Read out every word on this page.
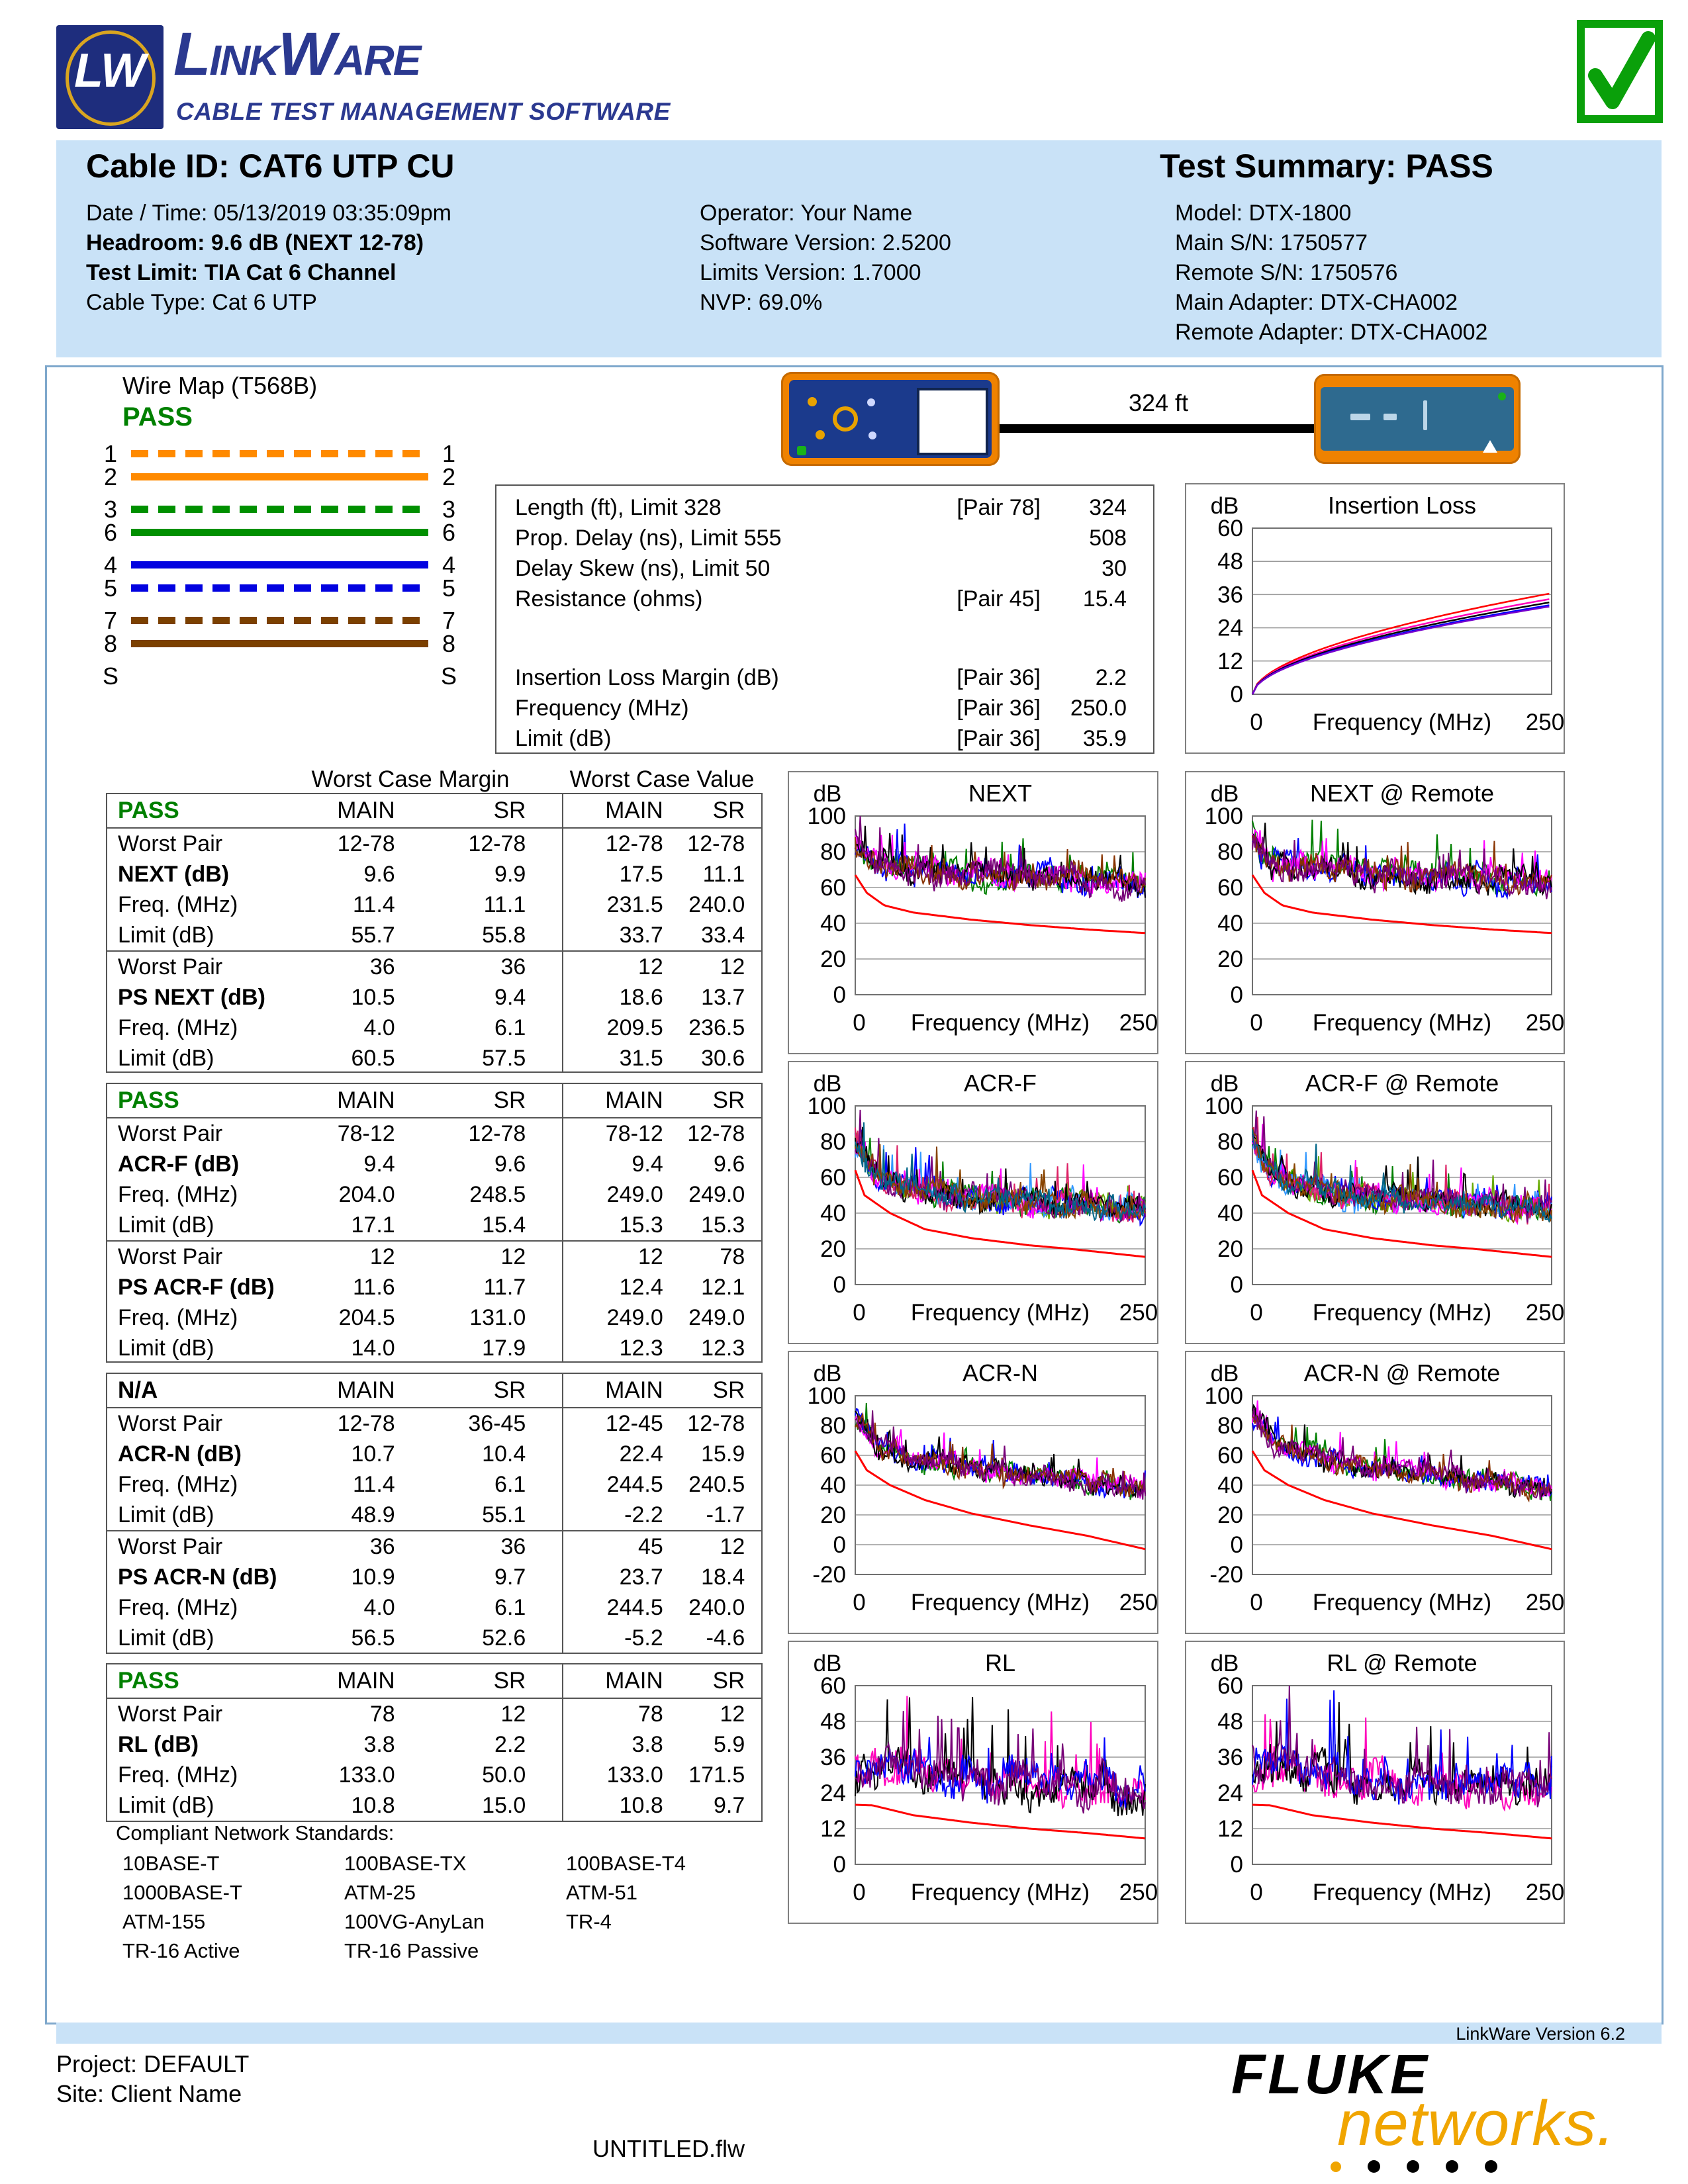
LW LinkWare
CABLE TEST MANAGEMENT SOFTWARE
Cable ID: CAT6 UTP CU	Test Summary: PASS
Date / Time: 05/13/2019 03:35:09pm
Headroom: 9.6 dB (NEXT 12-78)
Test Limit: TIA Cat 6 Channel
Cable Type: Cat 6 UTP
Operator: Your Name
Software Version: 2.5200
Limits Version: 1.7000
NVP: 69.0%
Model: DTX-1800
Main S/N: 1750577
Remote S/N: 1750576
Main Adapter: DTX-CHA002
Remote Adapter: DTX-CHA002
Wire Map (T568B)
PASS
1	1
2	2
3	3
6	6
4	4
5	5
7	7
8	8
S	S
324 ft
Length (ft), Limit 328	[Pair 78]	324
Prop. Delay (ns), Limit 555	508
Delay Skew (ns), Limit 50	30
Resistance (ohms)	[Pair 45]	15.4
Insertion Loss Margin (dB)	[Pair 36]	2.2
Frequency (MHz)	[Pair 36]	250.0
Limit (dB)	[Pair 36]	35.9
Worst Case Margin	Worst Case Value
PASS	MAIN	SR	MAIN	SR
Worst Pair	12-78	12-78	12-78	12-78
NEXT (dB)	9.6	9.9	17.5	11.1
Freq. (MHz)	11.4	11.1	231.5	240.0
Limit (dB)	55.7	55.8	33.7	33.4
Worst Pair	36	36	12	12
PS NEXT (dB)	10.5	9.4	18.6	13.7
Freq. (MHz)	4.0	6.1	209.5	236.5
Limit (dB)	60.5	57.5	31.5	30.6
PASS	MAIN	SR	MAIN	SR
Worst Pair	78-12	12-78	78-12	12-78
ACR-F (dB)	9.4	9.6	9.4	9.6
Freq. (MHz)	204.0	248.5	249.0	249.0
Limit (dB)	17.1	15.4	15.3	15.3
Worst Pair	12	12	12	78
PS ACR-F (dB)	11.6	11.7	12.4	12.1
Freq. (MHz)	204.5	131.0	249.0	249.0
Limit (dB)	14.0	17.9	12.3	12.3
N/A	MAIN	SR	MAIN	SR
Worst Pair	12-78	36-45	12-45	12-78
ACR-N (dB)	10.7	10.4	22.4	15.9
Freq. (MHz)	11.4	6.1	244.5	240.5
Limit (dB)	48.9	55.1	-2.2	-1.7
Worst Pair	36	36	45	12
PS ACR-N (dB)	10.9	9.7	23.7	18.4
Freq. (MHz)	4.0	6.1	244.5	240.0
Limit (dB)	56.5	52.6	-5.2	-4.6
PASS	MAIN	SR	MAIN	SR
Worst Pair	78	12	78	12
RL (dB)	3.8	2.2	3.8	5.9
Freq. (MHz)	133.0	50.0	133.0	171.5
Limit (dB)	10.8	15.0	10.8	9.7
Compliant Network Standards:
10BASE-T
1000BASE-T
ATM-155
TR-16 Active
100BASE-TX
ATM-25
100VG-AnyLan
TR-16 Passive
100BASE-T4
ATM-51
TR-4
Insertion Loss
dB
0
12
24
36
48
60
0 Frequency (MHz) 250
NEXT
dB
0
20
40
60
80
100
0 Frequency (MHz) 250
NEXT @ Remote
dB
0
20
40
60
80
100
0 Frequency (MHz) 250
ACR-F
dB
0
20
40
60
80
100
0 Frequency (MHz) 250
ACR-F @ Remote
dB
0
20
40
60
80
100
0 Frequency (MHz) 250
ACR-N
dB
-20
0
20
40
60
80
100
0 Frequency (MHz) 250
ACR-N @ Remote
dB
-20
0
20
40
60
80
100
0 Frequency (MHz) 250
RL
dB
0
12
24
36
48
60
0 Frequency (MHz) 250
RL @ Remote
dB
0
12
24
36
48
60
0 Frequency (MHz) 250
LinkWare Version 6.2
Project: DEFAULT
Site: Client Name
UNTITLED.flw
FLUKE
networks.
